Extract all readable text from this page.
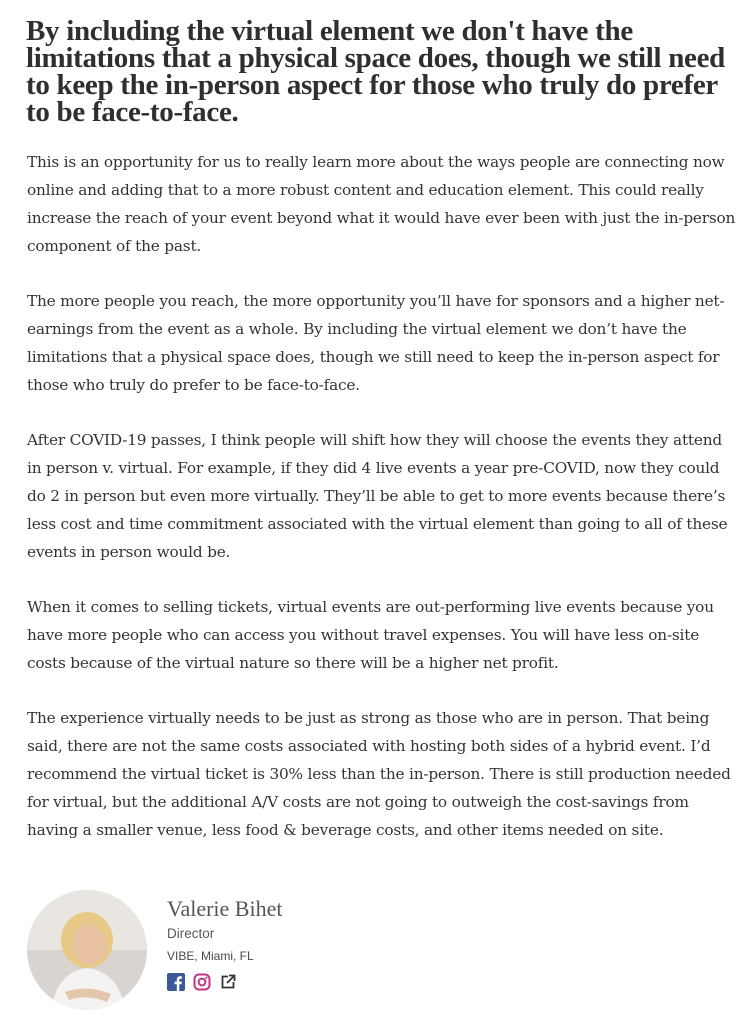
By including the virtual element we don't have the limitations that a physical space does, though we still need to keep the in-person aspect for those who truly do prefer to be face-to-face.

This is an opportunity for us to really learn more about the ways people are connecting now online and adding that to a more robust content and education element. This could really increase the reach of your event beyond what it would have ever been with just the in-person component of the past.

The more people you reach, the more opportunity you’ll have for sponsors and a higher net-earnings from the event as a whole. By including the virtual element we don’t have the limitations that a physical space does, though we still need to keep the in-person aspect for those who truly do prefer to be face-to-face.

After COVID-19 passes, I think people will shift how they will choose the events they attend in person v. virtual. For example, if they did 4 live events a year pre-COVID, now they could do 2 in person but even more virtually. They’ll be able to get to more events because there’s less cost and time commitment associated with the virtual element than going to all of these events in person would be.

When it comes to selling tickets, virtual events are out-performing live events because you have more people who can access you without travel expenses. You will have less on-site costs because of the virtual nature so there will be a higher net profit.

The experience virtually needs to be just as strong as those who are in person. That being said, there are not the same costs associated with hosting both sides of a hybrid event. I’d recommend the virtual ticket is 30% less than the in-person. There is still production needed for virtual, but the additional A/V costs are not going to outweigh the cost-savings from having a smaller venue, less food & beverage costs, and other items needed on site.

Valerie Bihet
Director
VIBE, Miami, FL
